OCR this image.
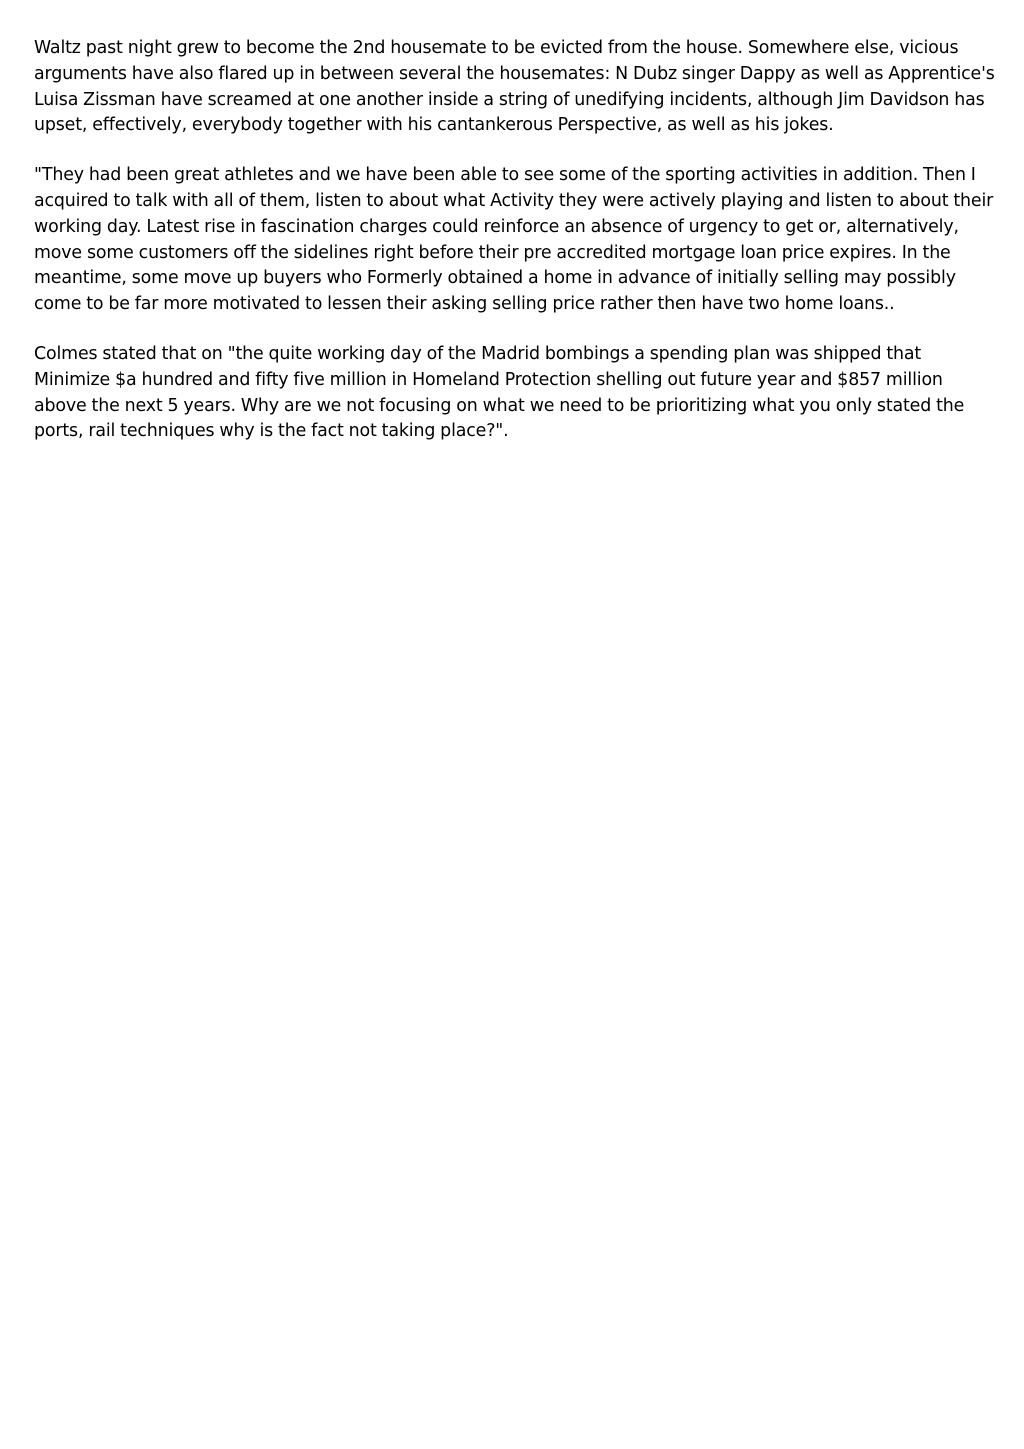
Waltz past night grew to become the 2nd housemate to be evicted from the house. Somewhere else, vicious arguments have also flared up in between several the housemates: N Dubz singer Dappy as well as Apprentice's Luisa Zissman have screamed at one another inside a string of unedifying incidents, although Jim Davidson has upset, effectively, everybody together with his cantankerous Perspective, as well as his jokes.

"They had been great athletes and we have been able to see some of the sporting activities in addition. Then I acquired to talk with all of them, listen to about what Activity they were actively playing and listen to about their working day. Latest rise in fascination charges could reinforce an absence of urgency to get or, alternatively, move some customers off the sidelines right before their pre accredited mortgage loan price expires. In the meantime, some move up buyers who Formerly obtained a home in advance of initially selling may possibly come to be far more motivated to lessen their asking selling price rather then have two home loans..

Colmes stated that on "the quite working day of the Madrid bombings a spending plan was shipped that Minimize $a hundred and fifty five million in Homeland Protection shelling out future year and $857 million above the next 5 years. Why are we not focusing on what we need to be prioritizing what you only stated the ports, rail techniques why is the fact not taking place?".
